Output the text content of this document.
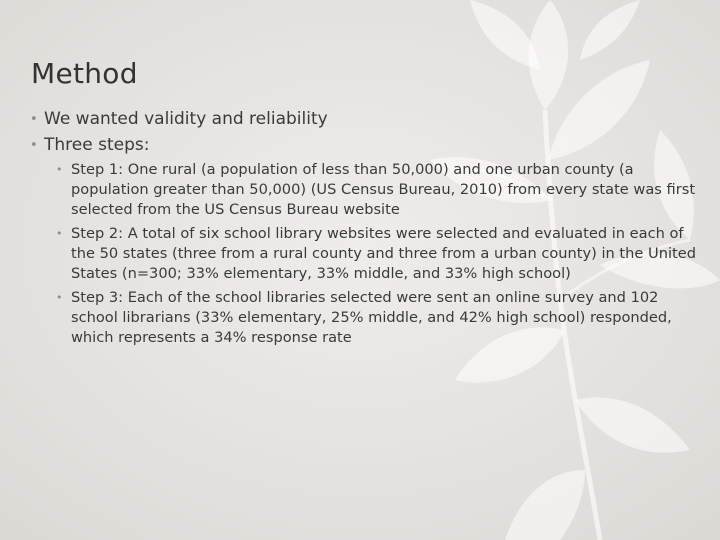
Method
• We wanted validity and reliability
• Three steps:
• Step 1: One rural (a population of less than 50,000) and one urban county (a population greater than 50,000) (US Census Bureau, 2010) from every state was first selected from the US Census Bureau website
• Step 2: A total of six school library websites were selected and evaluated in each of the 50 states (three from a rural county and three from a urban county) in the United States (n=300; 33% elementary, 33% middle, and 33% high school)
• Step 3: Each of the school libraries selected were sent an online survey and 102 school librarians (33% elementary, 25% middle, and 42% high school) responded, which represents a 34% response rate
